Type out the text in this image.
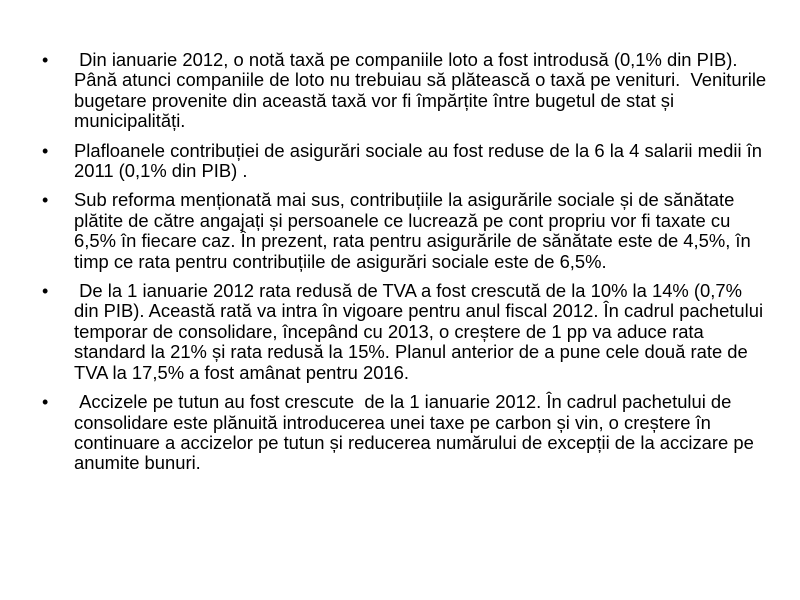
• Din ianuarie 2012, o notă taxă pe companiile loto a fost introdusă (0,1% din PIB). Până atunci companiile de loto nu trebuiau să plătească o taxă pe venituri.  Veniturile bugetare provenite din această taxă vor fi împărțite între bugetul de stat și municipalități.
• Plafloanele contribuției de asigurări sociale au fost reduse de la 6 la 4 salarii medii în 2011 (0,1% din PIB) .
• Sub reforma menționată mai sus, contribuțiile la asigurările sociale și de sănătate plătite de către angajați și persoanele ce lucrează pe cont propriu vor fi taxate cu 6,5% în fiecare caz. În prezent, rata pentru asigurările de sănătate este de 4,5%, în timp ce rata pentru contribuțiile de asigurări sociale este de 6,5%.
• De la 1 ianuarie 2012 rata redusă de TVA a fost crescută de la 10% la 14% (0,7% din PIB). Această rată va intra în vigoare pentru anul fiscal 2012. În cadrul pachetului temporar de consolidare, începând cu 2013, o creștere de 1 pp va aduce rata standard la 21% și rata redusă la 15%. Planul anterior de a pune cele două rate de TVA la 17,5% a fost amânat pentru 2016.
• Accizele pe tutun au fost crescute  de la 1 ianuarie 2012. În cadrul pachetului de consolidare este plănuită introducerea unei taxe pe carbon și vin, o creștere în continuare a accizelor pe tutun și reducerea numărului de excepții de la accizare pe anumite bunuri.
